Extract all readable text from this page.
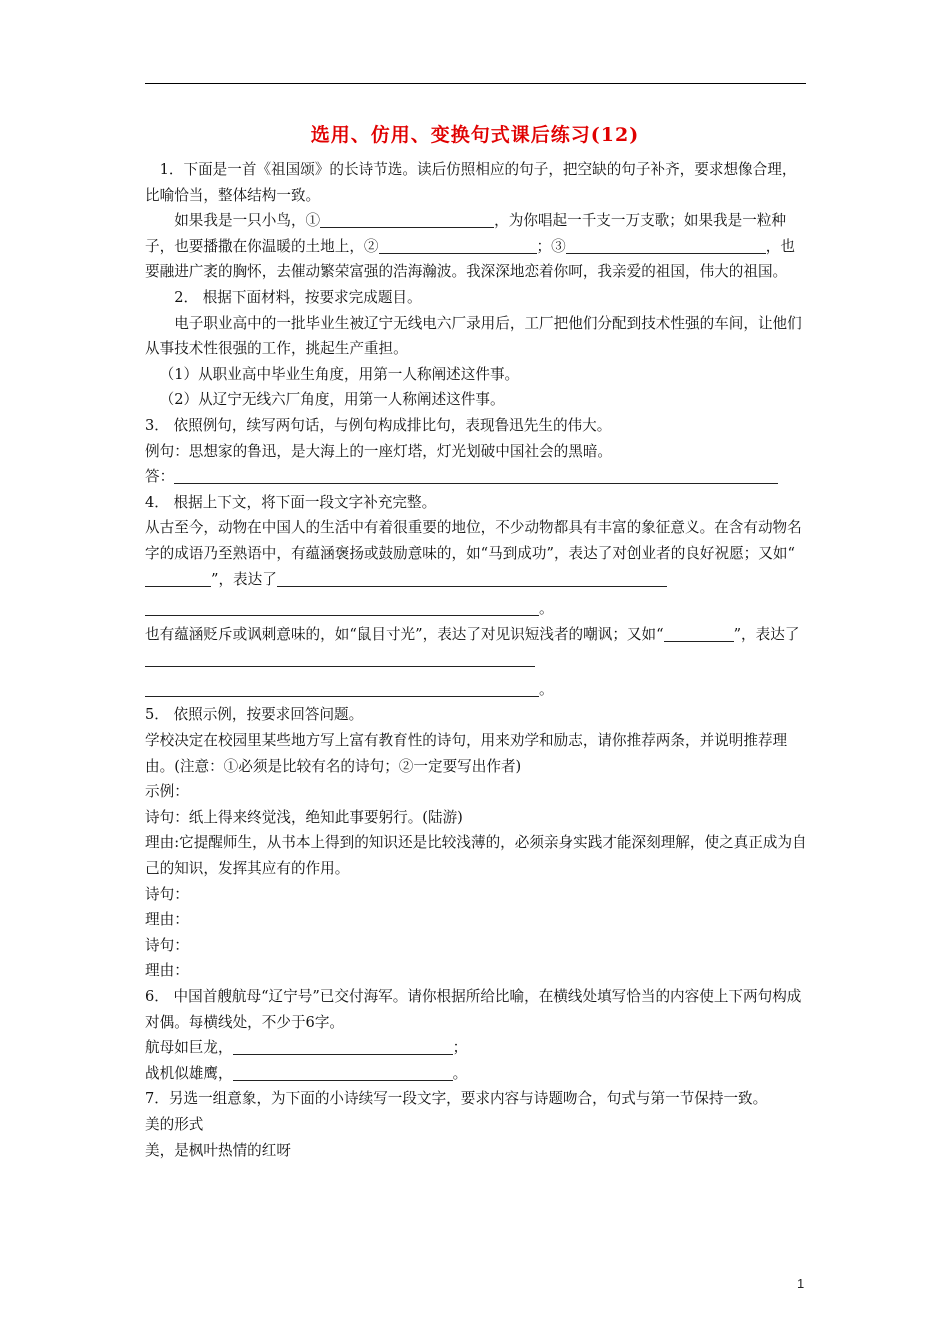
选用、仿用、变换句式课后练习(12)

1．下面是一首《祖国颂》的长诗节选。读后仿照相应的句子，把空缺的句子补齐，要求想像合理，比喻恰当，整体结构一致。

如果我是一只小鸟，①	，为你唱起一千支一万支歌；如果我是一粒种子，也要播撒在你温暖的土地上，②	；③	，也要融进广袤的胸怀，去催动繁荣富强的浩海瀚波。我深深地恋着你呵，我亲爱的祖国，伟大的祖国。

2． 根据下面材料，按要求完成题目。

电子职业高中的一批毕业生被辽宁无线电六厂录用后，工厂把他们分配到技术性强的车间，让他们从事技术性很强的工作，挑起生产重担。

（1）从职业高中毕业生角度，用第一人称阐述这件事。

（2）从辽宁无线六厂角度，用第一人称阐述这件事。

3． 依照例句，续写两句话，与例句构成排比句，表现鲁迅先生的伟大。

例句：思想家的鲁迅，是大海上的一座灯塔，灯光划破中国社会的黑暗。

答：

4． 根据上下文，将下面一段文字补充完整。

从古至今，动物在中国人的生活中有着很重要的地位，不少动物都具有丰富的象征意义。在含有动物名字的成语乃至熟语中，有蕴涵褒扬或鼓励意味的，如“马到成功”，表达了对创业者的良好祝愿；又如“ ”，表达了

。

也有蕴涵贬斥或讽刺意味的，如“鼠目寸光”，表达了对见识短浅者的嘲讽；又如“	”，表达了

。

5． 依照示例，按要求回答问题。

学校决定在校园里某些地方写上富有教育性的诗句，用来劝学和励志，请你推荐两条，并说明推荐理由。(注意：①必须是比较有名的诗句；②一定要写出作者)

示例：

诗句：纸上得来终觉浅，绝知此事要躬行。(陆游)

理由:它提醒师生，从书本上得到的知识还是比较浅薄的，必须亲身实践才能深刻理解，使之真正成为自己的知识，发挥其应有的作用。

诗句：

理由：

诗句：

理由：

6． 中国首艘航母“辽宁号”已交付海军。请你根据所给比喻，在横线处填写恰当的内容使上下两句构成对偶。每横线处，不少于6字。

航母如巨龙，	；

战机似雄鹰，	。

7．另选一组意象，为下面的小诗续写一段文字，要求内容与诗题吻合，句式与第一节保持一致。

美的形式

美，是枫叶热情的红呀

1
